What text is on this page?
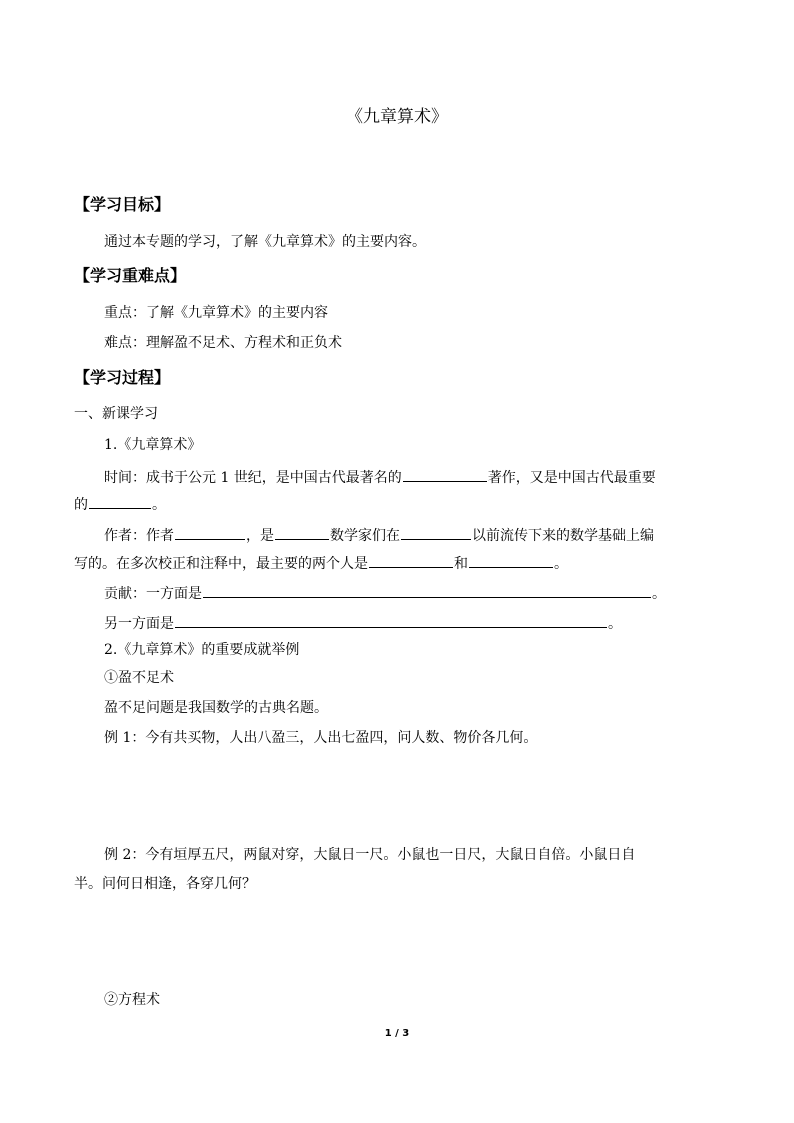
《九章算术》
【学习目标】
通过本专题的学习，了解《九章算术》的主要内容。
【学习重难点】
重点：了解《九章算术》的主要内容
难点：理解盈不足术、方程术和正负术
【学习过程】
一、新课学习
1.《九章算术》
时间：成书于公元 1 世纪，是中国古代最著名的	著作，又是中国古代最重要
的	。
作者：作者	，是	数学家们在	以前流传下来的数学基础上编
写的。在多次校正和注释中，最主要的两个人是	和	。
贡献：一方面是	。
另一方面是	。
2.《九章算术》的重要成就举例
①盈不足术
盈不足问题是我国数学的古典名题。
例 1：今有共买物，人出八盈三，人出七盈四，问人数、物价各几何。
例 2：今有垣厚五尺，两鼠对穿，大鼠日一尺。小鼠也一日尺，大鼠日自倍。小鼠日自
半。问何日相逢，各穿几何？
②方程术
1 / 3
